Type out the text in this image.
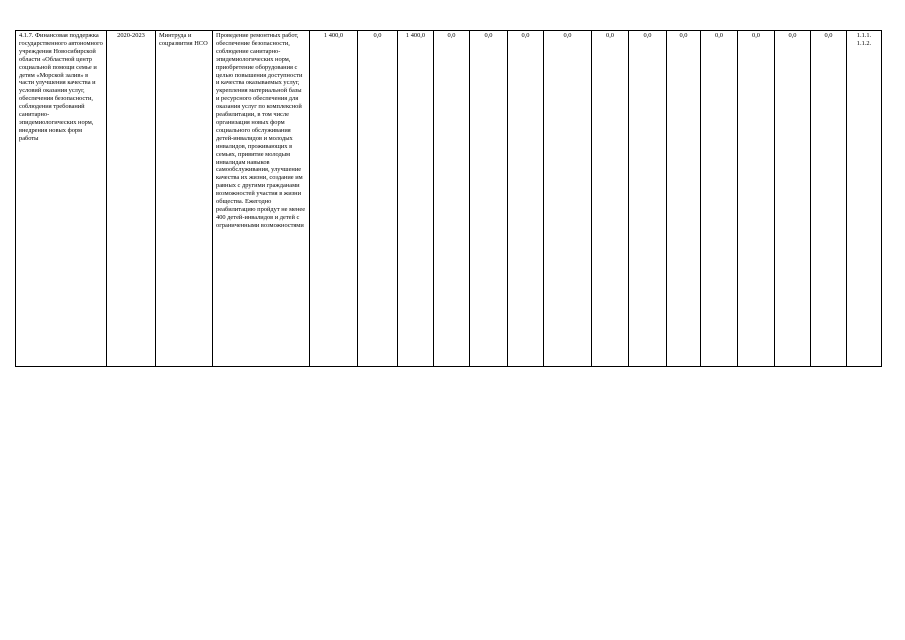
4.1.7. Финансовая поддержка государственного автономного учреждения Новосибирской области «Областной центр социальной помощи семье и детям «Морской залив» в части улучшения качества и условий оказания услуг, обеспечения безопасности, соблюдения требований санитарно-эпидемиологических норм, внедрения новых форм работы	2020-2023	Минтруда и соцразвития НСО	Проведение ремонтных работ, обеспечение безопасности, соблюдение санитарно-эпидемиологических норм, приобретение оборудования с целью повышения доступности и качества оказываемых услуг, укрепления материальной базы и ресурсного обеспечения для оказания услуг по комплексной реабилитации, в том числе организация новых форм социального обслуживания детей-инвалидов и молодых инвалидов, проживающих в семьях, привитие молодым инвалидам навыков самообслуживания, улучшение качества их жизни, создание им равных с другими гражданами возможностей участия в жизни общества. Ежегодно реабилитацию пройдут не менее 400 детей-инвалидов и детей с ограниченными возможностями	1 400,0	0,0	1 400,0	0,0	0,0	0,0	0,0	0,0	0,0	0,0	0,0	0,0	0,0	0,0	1.1.1. 1.1.2.
